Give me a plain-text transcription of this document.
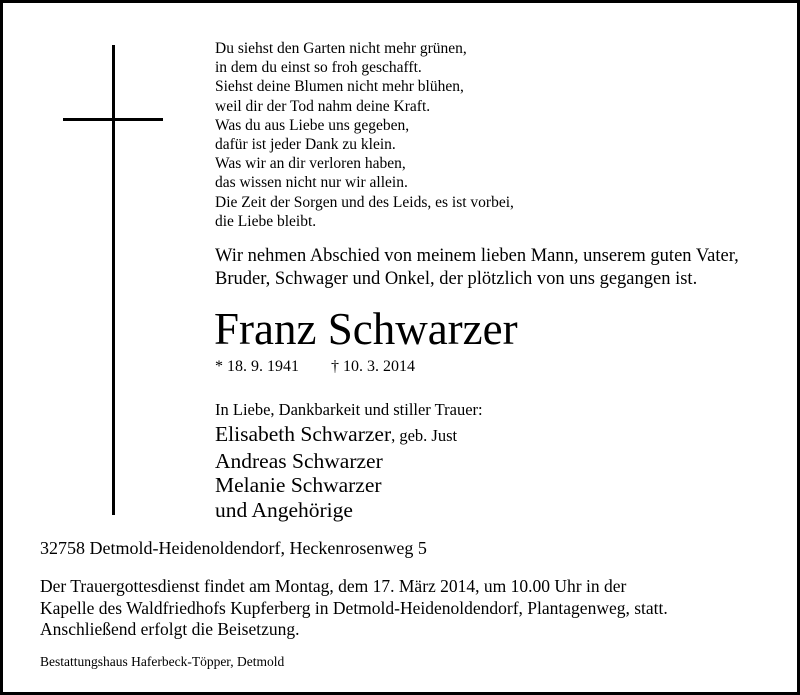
Du siehst den Garten nicht mehr grünen,
in dem du einst so froh geschafft.
Siehst deine Blumen nicht mehr blühen,
weil dir der Tod nahm deine Kraft.
Was du aus Liebe uns gegeben,
dafür ist jeder Dank zu klein.
Was wir an dir verloren haben,
das wissen nicht nur wir allein.
Die Zeit der Sorgen und des Leids, es ist vorbei,
die Liebe bleibt.
Wir nehmen Abschied von meinem lieben Mann, unserem guten Vater,
Bruder, Schwager und Onkel, der plötzlich von uns gegangen ist.
Franz Schwarzer
* 18. 9. 1941 † 10. 3. 2014
In Liebe, Dankbarkeit und stiller Trauer:
Elisabeth Schwarzer, geb. Just
Andreas Schwarzer
Melanie Schwarzer
und Angehörige
32758 Detmold-Heidenoldendorf, Heckenrosenweg 5
Der Trauergottesdienst findet am Montag, dem 17. März 2014, um 10.00 Uhr in der
Kapelle des Waldfriedhofs Kupferberg in Detmold-Heidenoldendorf, Plantagenweg, statt.
Anschließend erfolgt die Beisetzung.
Bestattungshaus Haferbeck-Töpper, Detmold
